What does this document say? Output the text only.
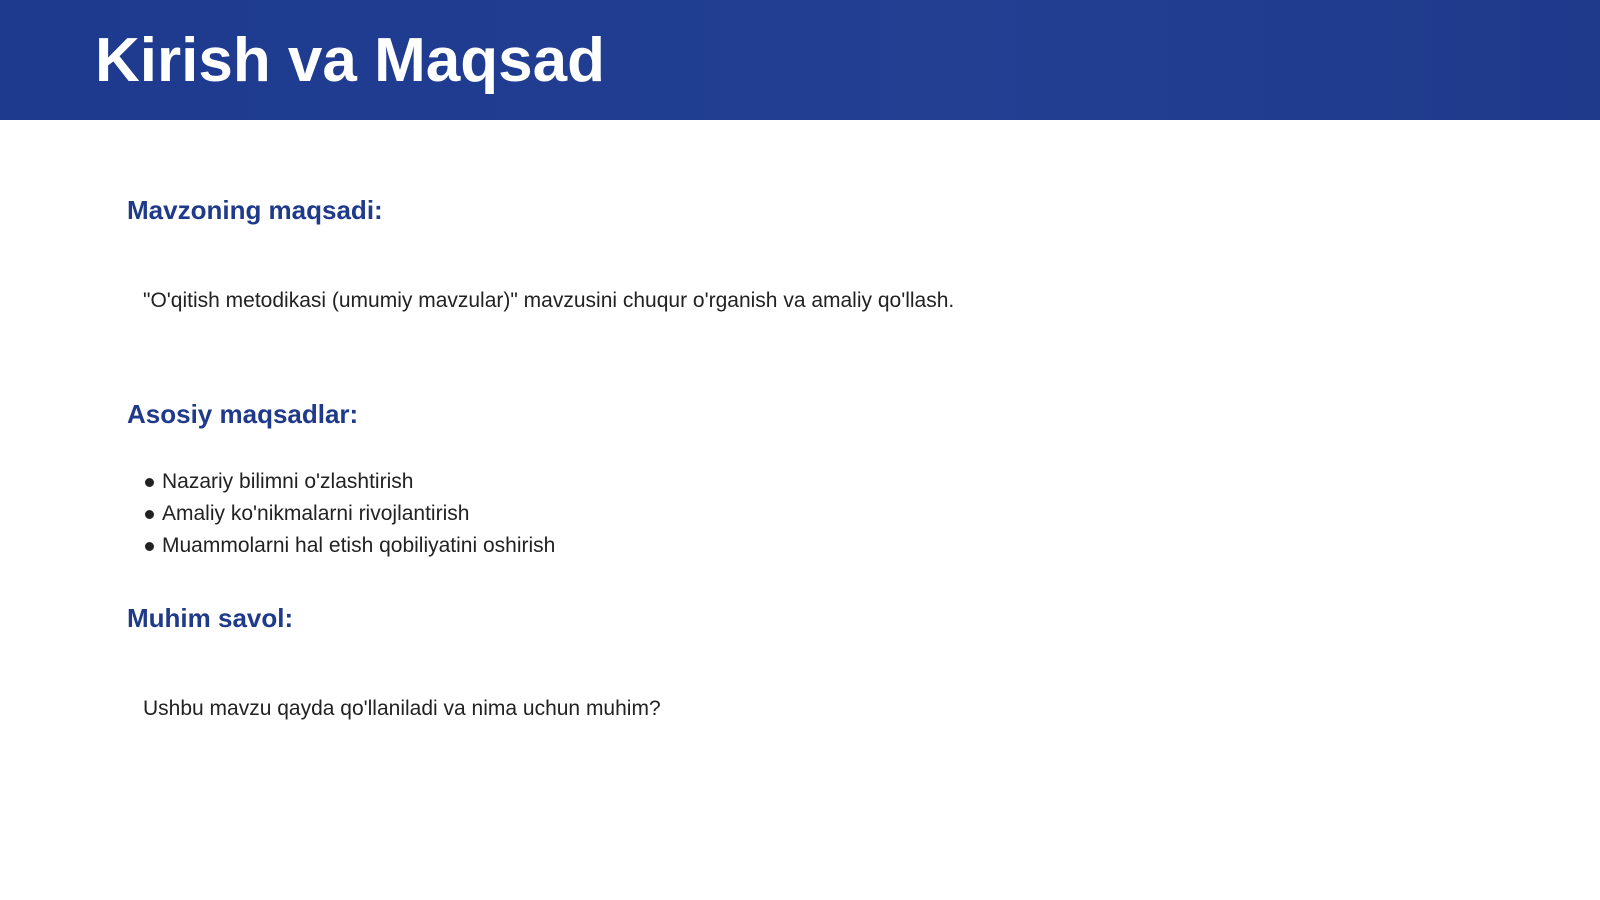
Kirish va Maqsad
Mavzoning maqsadi:
"O'qitish metodikasi (umumiy mavzular)" mavzusini chuqur o'rganish va amaliy qo'llash.
Asosiy maqsadlar:
Nazariy bilimni o'zlashtirish
Amaliy ko'nikmalarni rivojlantirish
Muammolarni hal etish qobiliyatini oshirish
Muhim savol:
Ushbu mavzu qayda qo'llaniladi va nima uchun muhim?
